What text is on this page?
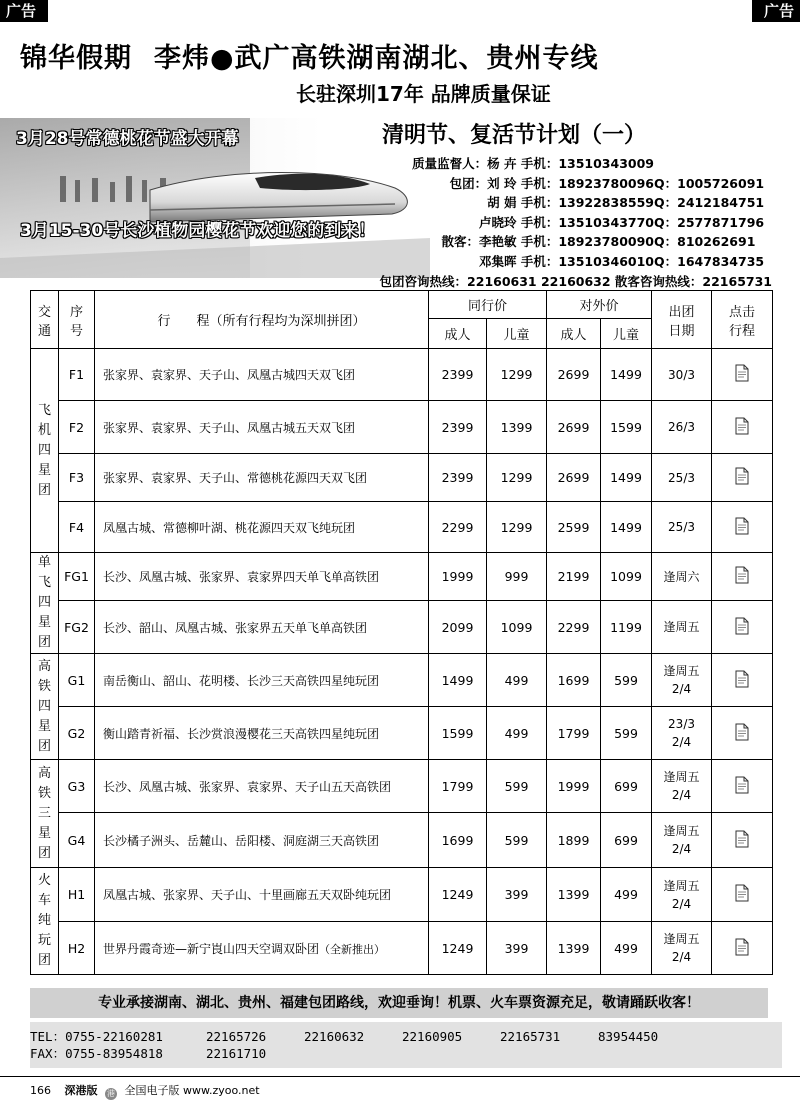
广告	广告
锦华假期 李炜●武广高铁湖南湖北、贵州专线
长驻深圳17年 品牌质量保证
3月28号常德桃花节盛大开幕
3月15-30号长沙植物园樱花节欢迎您的到来！
清明节、复活节计划（一）
质量监督人：杨 卉 手机：13510343009
包团：刘 玲 手机：18923780096Q：1005726091
胡 娟 手机：13922838559Q：2412184751
卢晓玲 手机：13510343770Q：2577871796
散客：李艳敏 手机：18923780090Q：810262691
邓集晖 手机：13510346010Q：1647834735
包团咨询热线：22160631 22160632 散客咨询热线：22165731
交通	序号	行　　程（所有行程均为深圳拼团）	同行价		对外价		出团日期	点击行程

			成人	儿童	成人	儿童		

飞机四星团	F1	张家界、袁家界、天子山、凤凰古城四天双飞团	2399	1299	2699	1499	30/3

	F2	张家界、袁家界、天子山、凤凰古城五天双飞团	2399	1399	2699	1599	26/3

	F3	张家界、袁家界、天子山、常德桃花源四天双飞团	2399	1299	2699	1499	25/3

	F4	凤凰古城、常德柳叶湖、桃花源四天双飞纯玩团	2299	1299	2599	1499	25/3

单飞四星团	FG1	长沙、凤凰古城、张家界、袁家界四天单飞单高铁团	1999	999	2199	1099	逢周六

	FG2	长沙、韶山、凤凰古城、张家界五天单飞单高铁团	2099	1099	2299	1199	逢周五

高铁四星团	G1	南岳衡山、韶山、花明楼、长沙三天高铁四星纯玩团	1499	499	1699	599	逢周五
2/4

	G2	衡山踏青祈福、长沙赏浪漫樱花三天高铁四星纯玩团	1599	499	1799	599	23/3
2/4

高铁三星团	G3	长沙、凤凰古城、张家界、袁家界、天子山五天高铁团	1799	599	1999	699	逢周五
2/4

	G4	长沙橘子洲头、岳麓山、岳阳楼、洞庭湖三天高铁团	1699	599	1899	699	逢周五
2/4

火车纯玩团	H1	凤凰古城、张家界、天子山、十里画廊五天双卧纯玩团	1249	399	1399	499	逢周五
2/4

	H2	世界丹霞奇迹—新宁崀山四天空调双卧团（全新推出）	1249	399	1399	499	逢周五
2/4

专业承接湖南、湖北、贵州、福建包团路线，欢迎垂询！机票、火车票资源充足，敬请踊跃收客！
TEL：0755-22160281	22165726	22160632	22160905	22165731	83954450
FAX：0755-83954818	22161710
166 深港版 港 全国电子版 www.zyoo.net
